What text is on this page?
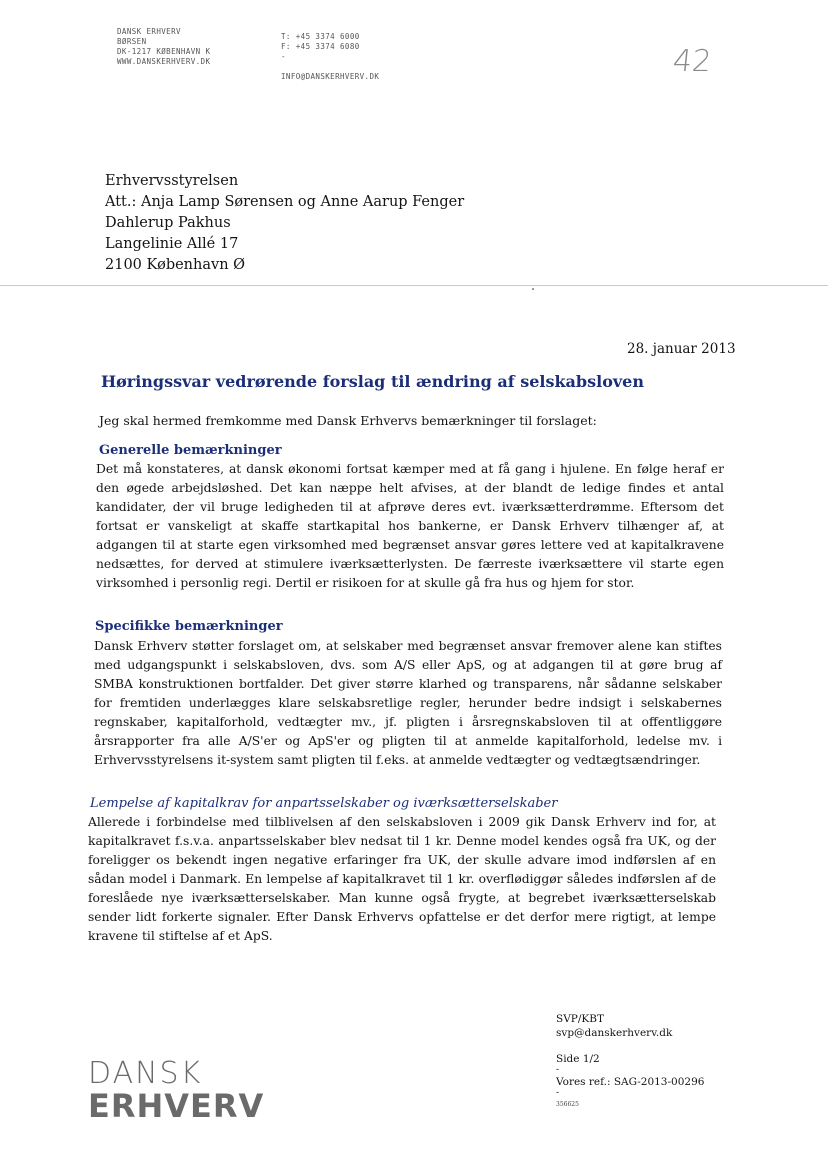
DANSK ERHVERV
BØRSEN
DK-1217 KØBENHAVN K
WWW.DANSKERHVERV.DK
T: +45 3374 6000
F: +45 3374 6080
-
INFO@DANSKERHVERV.DK	42
Erhvervsstyrelsen
Att.: Anja Lamp Sørensen og Anne Aarup Fenger
Dahlerup Pakhus
Langelinie Allé 17
2100 København Ø
28. januar 2013
Høringssvar vedrørende forslag til ændring af selskabsloven
Jeg skal hermed fremkomme med Dansk Erhvervs bemærkninger til forslaget:
Generelle bemærkninger
Det må konstateres, at dansk økonomi fortsat kæmper med at få gang i hjulene. En følge heraf er den øgede arbejdsløshed. Det kan næppe helt afvises, at der blandt de ledige findes et antal kandidater, der vil bruge ledigheden til at afprøve deres evt. iværksætterdrømme. Eftersom det fortsat er vanskeligt at skaffe startkapital hos bankerne, er Dansk Erhverv tilhænger af, at adgangen til at starte egen virksomhed med begrænset ansvar gøres lettere ved at kapitalkravene nedsættes, for derved at stimulere iværksætterlysten. De færreste iværksættere vil starte egen virksomhed i personlig regi. Dertil er risikoen for at skulle gå fra hus og hjem for stor.
Specifikke bemærkninger
Dansk Erhverv støtter forslaget om, at selskaber med begrænset ansvar fremover alene kan stiftes med udgangspunkt i selskabsloven, dvs. som A/S eller ApS, og at adgangen til at gøre brug af SMBA konstruktionen bortfalder. Det giver større klarhed og transparens, når sådanne selskaber for fremtiden underlægges klare selskabsretlige regler, herunder bedre indsigt i selskabernes regnskaber, kapitalforhold, vedtægter mv., jf. pligten i årsregnskabsloven til at offentliggøre årsrapporter fra alle A/S'er og ApS'er og pligten til at anmelde kapitalforhold, ledelse mv. i Erhvervsstyrelsens it-system samt pligten til f.eks. at anmelde vedtægter og vedtægtsændringer.
Lempelse af kapitalkrav for anpartsselskaber og iværksætterselskaber
Allerede i forbindelse med tilblivelsen af den selskabsloven i 2009 gik Dansk Erhverv ind for, at kapitalkravet f.s.v.a. anpartsselskaber blev nedsat til 1 kr. Denne model kendes også fra UK, og der foreligger os bekendt ingen negative erfaringer fra UK, der skulle advare imod indførslen af en sådan model i Danmark. En lempelse af kapitalkravet til 1 kr. overflødiggør således indførslen af de foreslåede nye iværksætterselskaber. Man kunne også frygte, at begrebet iværksætterselskab sender lidt forkerte signaler. Efter Dansk Erhvervs opfattelse er det derfor mere rigtigt, at lempe kravene til stiftelse af et ApS.
SVP/KBT
svp@danskerhverv.dk
Side 1/2
-
Vores ref.: SAG-2013-00296
-
356625
DANSK
ERHVERV
